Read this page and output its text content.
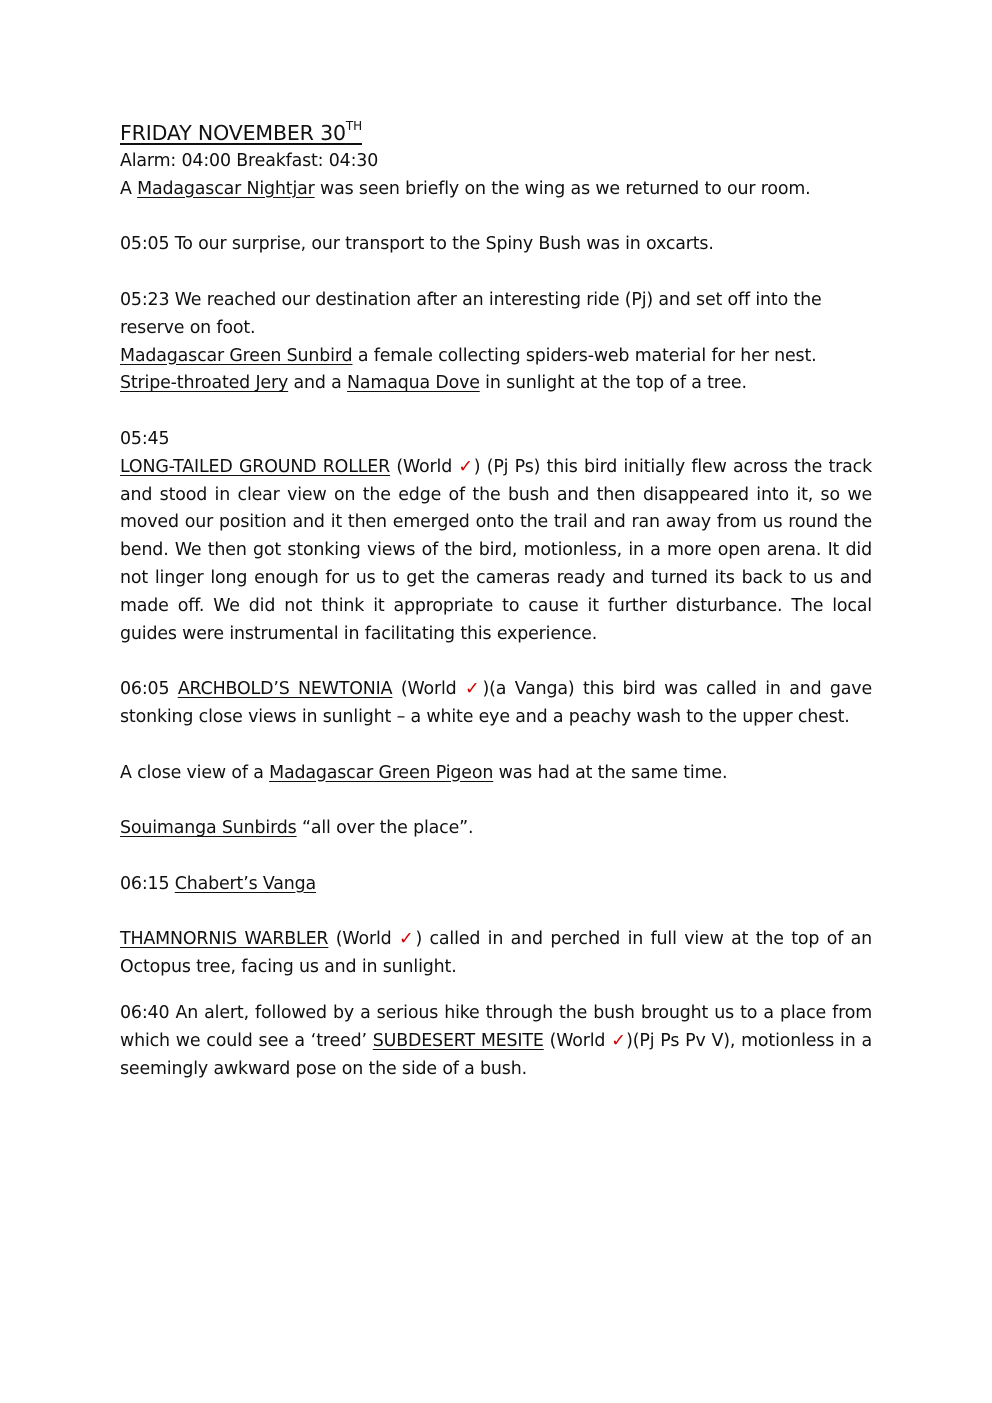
FRIDAY NOVEMBER 30TH

Alarm: 04:00 Breakfast: 04:30

A Madagascar Nightjar was seen briefly on the wing as we returned to our room.

05:05 To our surprise, our transport to the Spiny Bush was in oxcarts.

05:23 We reached our destination after an interesting ride (Pj) and set off into the reserve on foot.

Madagascar Green Sunbird a female collecting spiders-web material for her nest.

Stripe-throated Jery and a Namaqua Dove in sunlight at the top of a tree.

05:45

LONG-TAILED GROUND ROLLER (World ✓) (Pj Ps) this bird initially flew across the track and stood in clear view on the edge of the bush and then disappeared into it, so we moved our position and it then emerged onto the trail and ran away from us round the bend. We then got stonking views of the bird, motionless, in a more open arena. It did not linger long enough for us to get the cameras ready and turned its back to us and made off. We did not think it appropriate to cause it further disturbance. The local guides were instrumental in facilitating this experience.

06:05 ARCHBOLD’S NEWTONIA (World ✓)(a Vanga) this bird was called in and gave stonking close views in sunlight – a white eye and a peachy wash to the upper chest.

A close view of a Madagascar Green Pigeon was had at the same time.

Souimanga Sunbirds “all over the place”.

06:15 Chabert’s Vanga

THAMNORNIS WARBLER (World ✓) called in and perched in full view at the top of an Octopus tree, facing us and in sunlight.

06:40 An alert, followed by a serious hike through the bush brought us to a place from which we could see a ‘treed’ SUBDESERT MESITE (World ✓)(Pj Ps Pv V), motionless in a seemingly awkward pose on the side of a bush.
